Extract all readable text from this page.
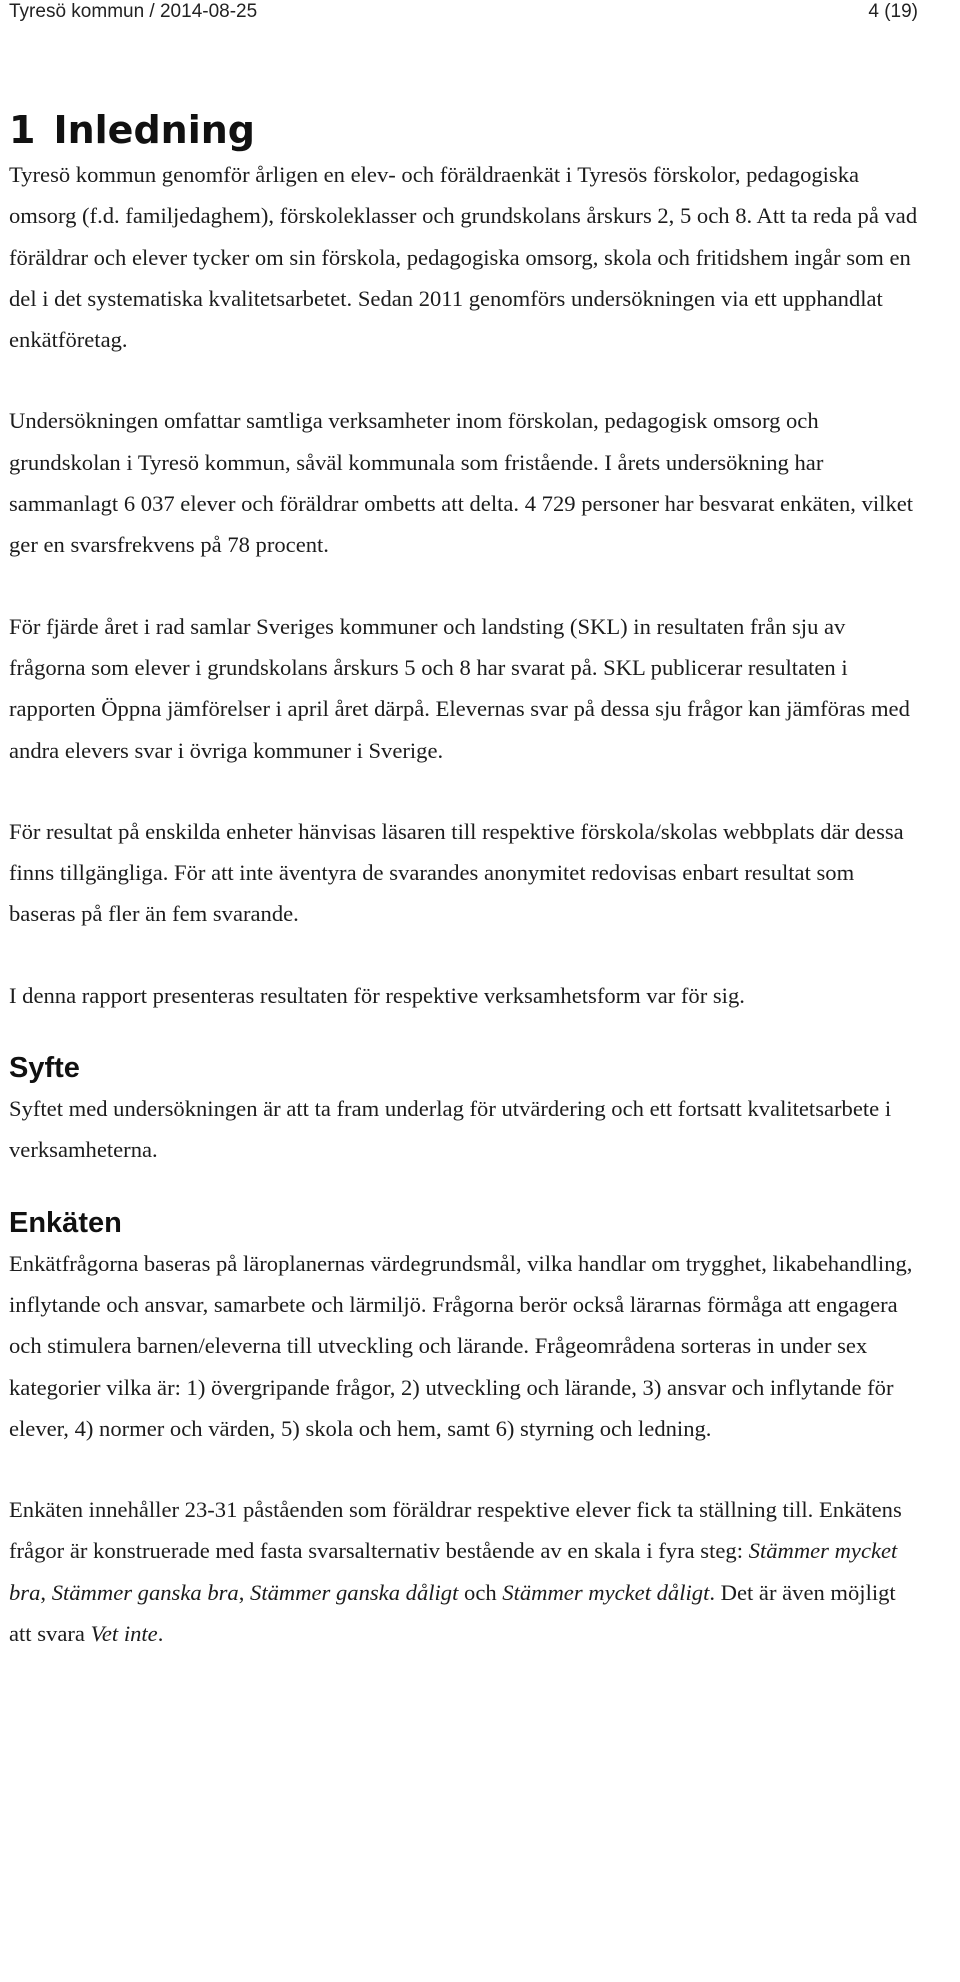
Tyresö kommun / 2014-08-25	4 (19)
1 Inledning

Tyresö kommun genomför årligen en elev- och föräldraenkät i Tyresös förskolor, pedagogiska omsorg (f.d. familjedaghem), förskoleklasser och grundskolans årskurs 2, 5 och 8. Att ta reda på vad föräldrar och elever tycker om sin förskola, pedagogiska omsorg, skola och fritidshem ingår som en del i det systematiska kvalitetsarbetet. Sedan 2011 genomförs undersökningen via ett upphandlat enkätföretag.

Undersökningen omfattar samtliga verksamheter inom förskolan, pedagogisk omsorg och grundskolan i Tyresö kommun, såväl kommunala som fristående. I årets undersökning har sammanlagt 6 037 elever och föräldrar ombetts att delta. 4 729 personer har besvarat enkäten, vilket ger en svarsfrekvens på 78 procent.

För fjärde året i rad samlar Sveriges kommuner och landsting (SKL) in resultaten från sju av frågorna som elever i grundskolans årskurs 5 och 8 har svarat på. SKL publicerar resultaten i rapporten Öppna jämförelser i april året därpå. Elevernas svar på dessa sju frågor kan jämföras med andra elevers svar i övriga kommuner i Sverige.

För resultat på enskilda enheter hänvisas läsaren till respektive förskola/skolas webbplats där dessa finns tillgängliga. För att inte äventyra de svarandes anonymitet redovisas enbart resultat som baseras på fler än fem svarande.

I denna rapport presenteras resultaten för respektive verksamhetsform var för sig.

Syfte

Syftet med undersökningen är att ta fram underlag för utvärdering och ett fortsatt kvalitetsarbete i verksamheterna.

Enkäten

Enkätfrågorna baseras på läroplanernas värdegrundsmål, vilka handlar om trygghet, likabehandling, inflytande och ansvar, samarbete och lärmiljö. Frågorna berör också lärarnas förmåga att engagera och stimulera barnen/eleverna till utveckling och lärande. Frågeområdena sorteras in under sex kategorier vilka är: 1) övergripande frågor, 2) utveckling och lärande, 3) ansvar och inflytande för elever, 4) normer och värden, 5) skola och hem, samt 6) styrning och ledning.

Enkäten innehåller 23-31 påståenden som föräldrar respektive elever fick ta ställning till. Enkätens frågor är konstruerade med fasta svarsalternativ bestående av en skala i fyra steg: Stämmer mycket bra, Stämmer ganska bra, Stämmer ganska dåligt och Stämmer mycket dåligt. Det är även möjligt att svara Vet inte.
